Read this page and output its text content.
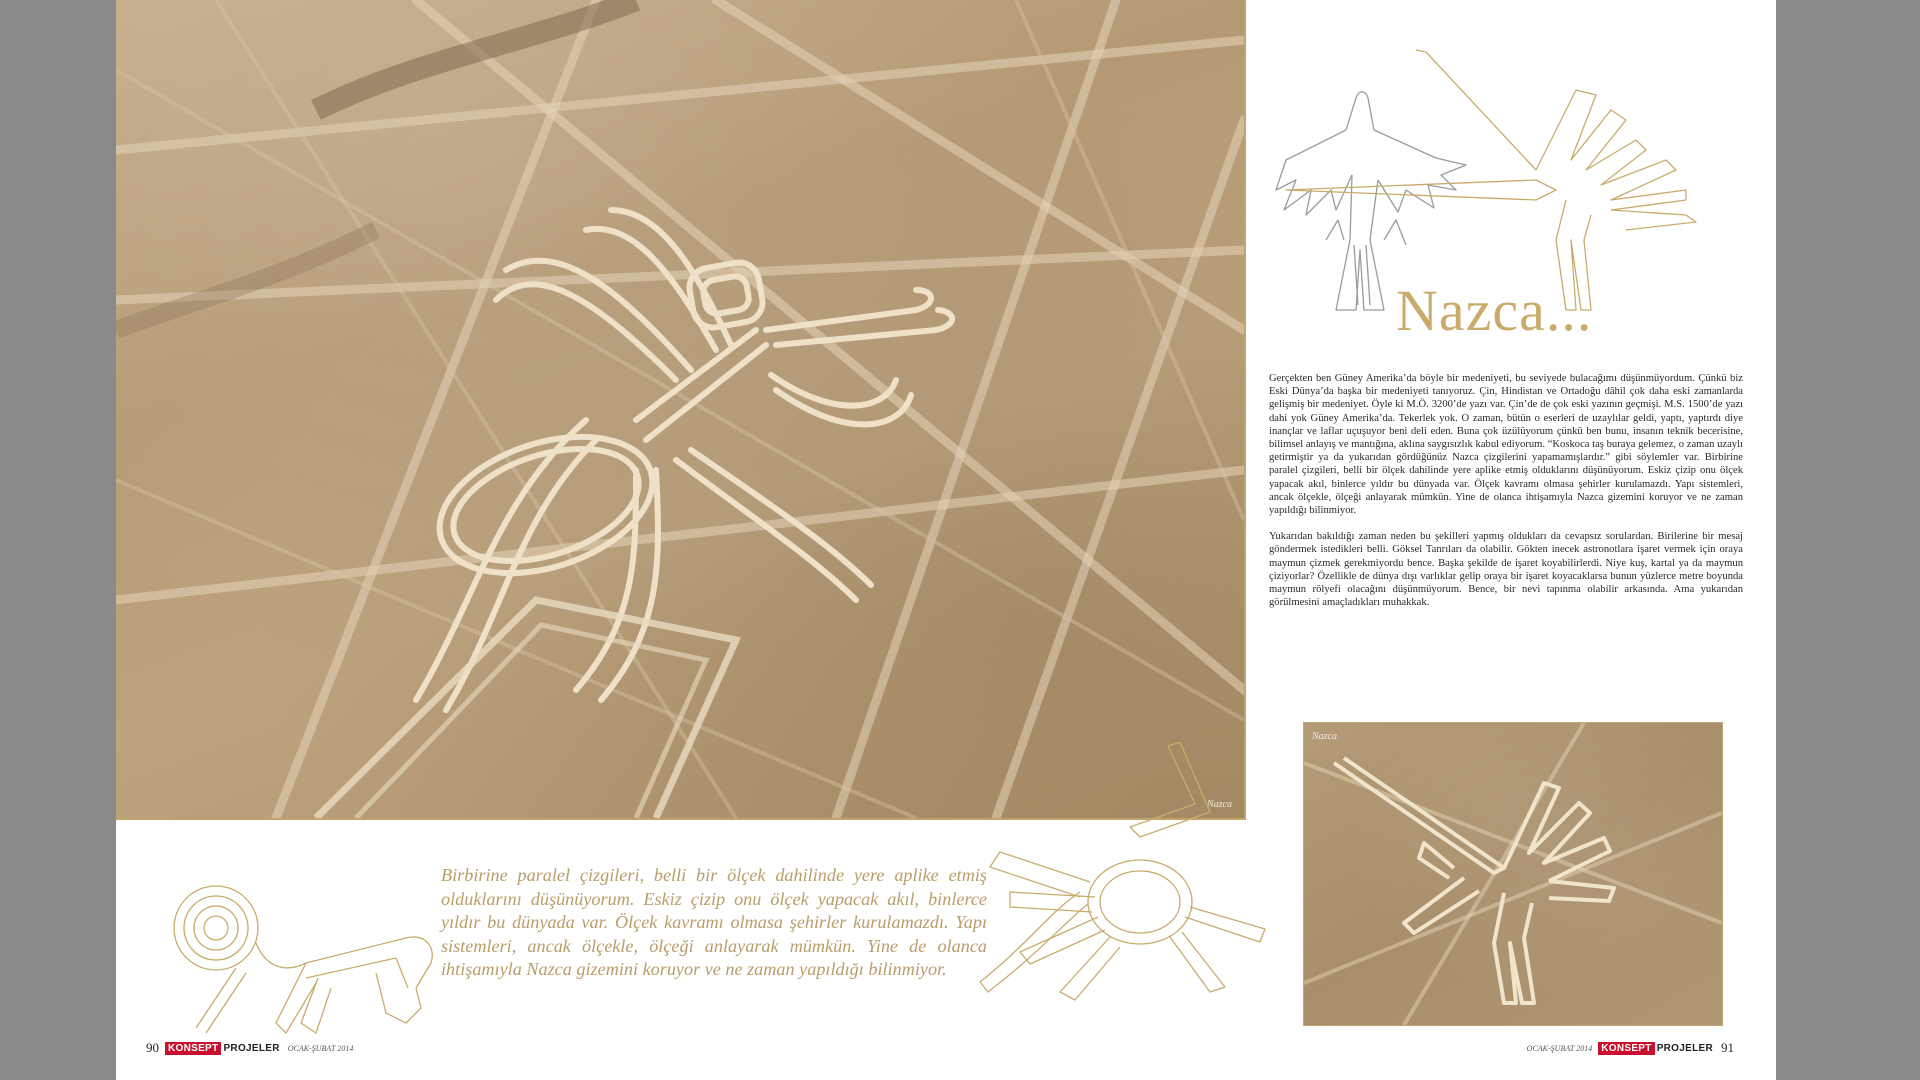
Nazca
Nazca...

Gerçekten ben Güney Amerika’da böyle bir medeniyeti, bu seviyede bulacağımı düşünmüyordum. Çünkü biz Eski Dünya’da başka bir medeniyeti tanıyoruz. Çin, Hindistan ve Ortadoğu dâhil çok daha eski zamanlarda gelişmiş bir medeniyet. Öyle ki M.Ö. 3200’de yazı var. Çin’de de çok eski yazının geçmişi. M.S. 1500’de yazı dahi yok Güney Amerika’da. Tekerlek yok. O zaman, bütün o eserleri de uzaylılar geldi, yaptı, yaptırdı diye inançlar ve laflar uçuşuyor beni deli eden. Buna çok üzülüyorum çünkü ben bunu, insanın teknik becerisine, bilimsel anlayış ve mantığına, aklına saygısızlık kabul ediyorum. “Koskoca taş buraya gelemez, o zaman uzaylı getirmiştir ya da yukarıdan gördüğünüz Nazca çizgilerini yapamamışlardır.” gibi söylemler var. Birbirine paralel çizgileri, belli bir ölçek dahilinde yere aplike etmiş olduklarını düşünüyorum. Eskiz çizip onu ölçek yapacak akıl, binlerce yıldır bu dünyada var. Ölçek kavramı olmasa şehirler kurulamazdı. Yapı sistemleri, ancak ölçekle, ölçeği anlayarak mümkün. Yine de olanca ihtişamıyla Nazca gizemini koruyor ve ne zaman yapıldığı bilinmiyor.

Yukarıdan bakıldığı zaman neden bu şekilleri yapmış oldukları da cevapsız sorulardan. Birilerine bir mesaj göndermek istedikleri belli. Göksel Tanrıları da olabilir. Gökten inecek astronotlara işaret vermek için oraya maymun çizmek gerekmiyordu bence. Başka şekilde de işaret koyabilirlerdi. Niye kuş, kartal ya da maymun çiziyorlar? Özellikle de dünya dışı varlıklar gelip oraya bir işaret koyacaklarsa bunun yüzlerce metre boyunda maymun rölyefi olacağını düşünmüyorum. Bence, bir nevi tapınma olabilir arkasında. Ama yukarıdan görülmesini amaçladıkları muhakkak.

Birbirine paralel çizgileri, belli bir ölçek dahilinde yere aplike etmiş olduklarını düşünüyorum. Eskiz çizip onu ölçek yapacak akıl, binlerce yıldır bu dünyada var. Ölçek kavramı olmasa şehirler kurulamazdı. Yapı sistemleri, ancak ölçekle, ölçeği anlayarak mümkün. Yine de olanca ihtişamıyla Nazca gizemini koruyor ve ne zaman yapıldığı bilinmiyor.

Nazca
90 KONSEPT PROJELER OCAK-ŞUBAT 2014	OCAK-ŞUBAT 2014 KONSEPT PROJELER 91
